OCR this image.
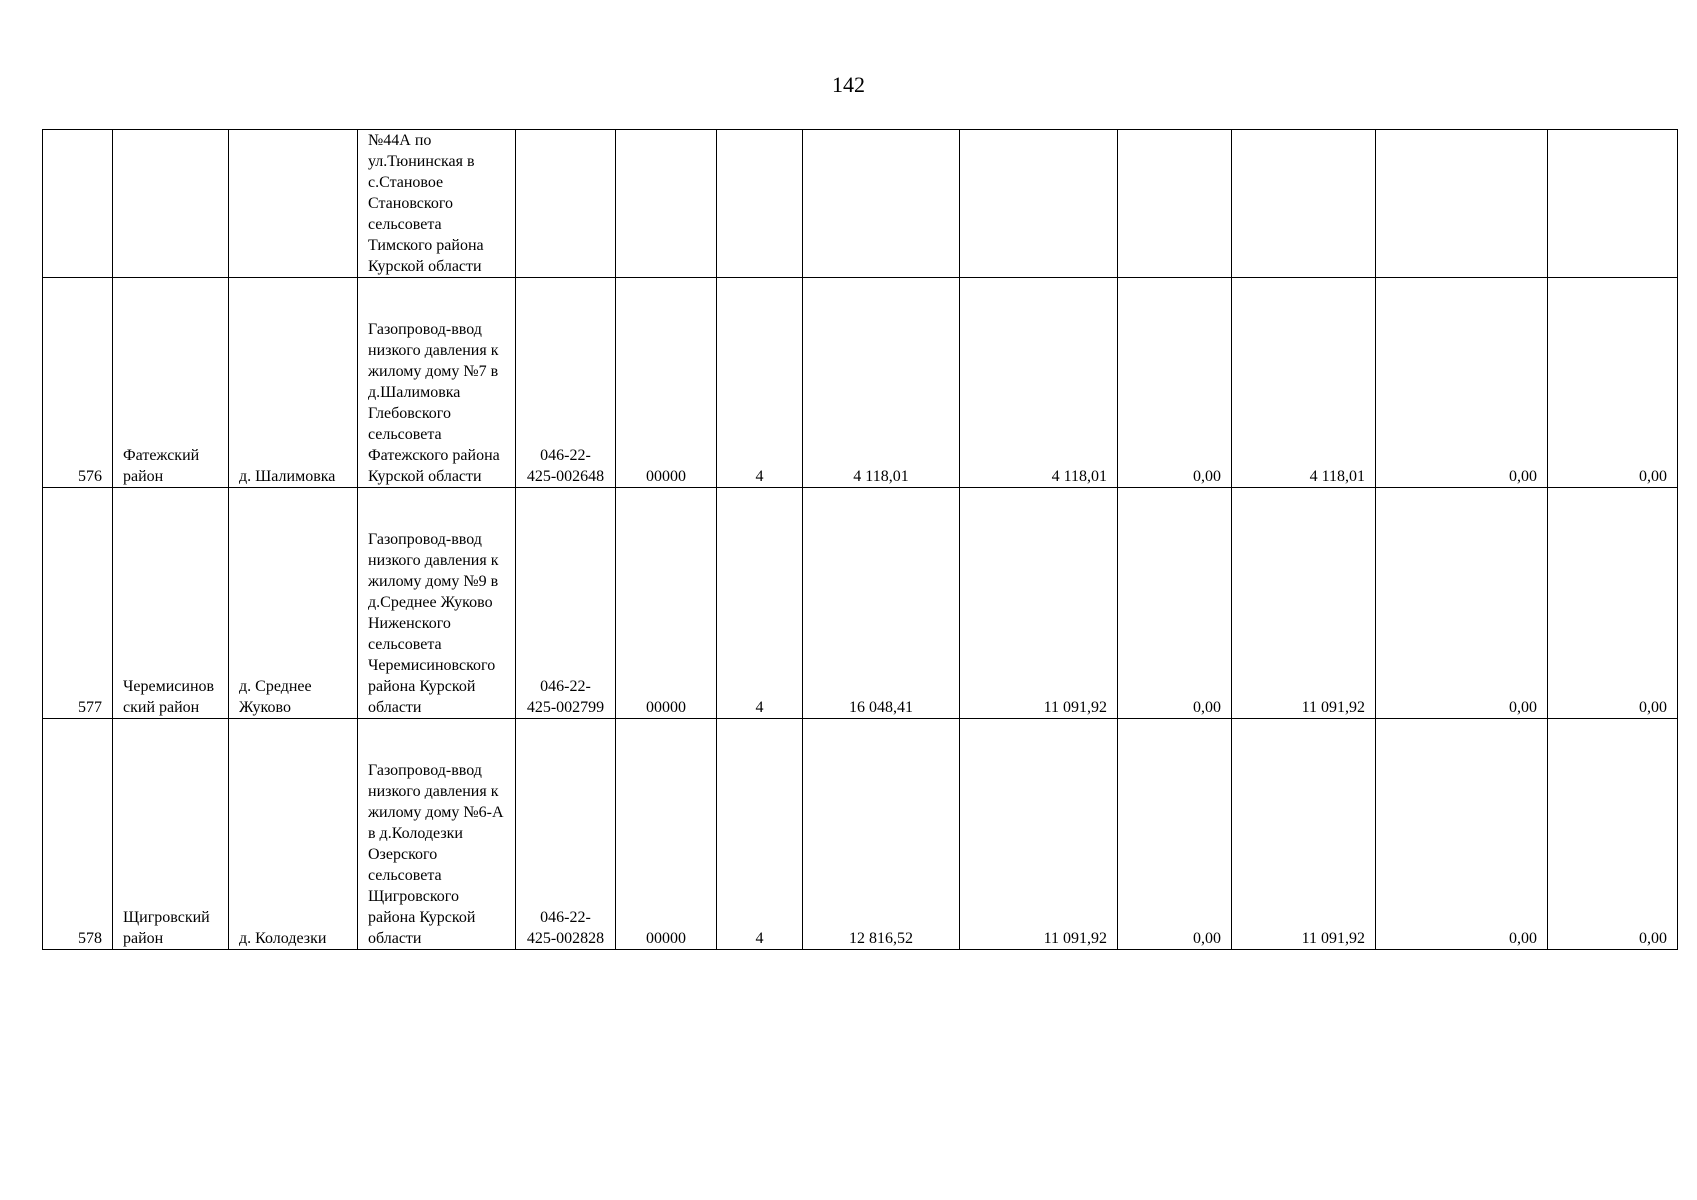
142
			№44А по ул.Тюнинская в с.Становое Становского сельсовета Тимского района Курской области									
576	Фатежский район	д. Шалимовка	Газопровод-ввод низкого давления к жилому дому №7 в д.Шалимовка Глебовского сельсовета Фатежского района Курской области	046-22-425-002648	00000	4	4 118,01	4 118,01	0,00	4 118,01	0,00	0,00
577	Черемисиновский район	д. Среднее Жуково	Газопровод-ввод низкого давления к жилому дому №9 в д.Среднее Жуково Ниженского сельсовета Черемисиновского района Курской области	046-22-425-002799	00000	4	16 048,41	11 091,92	0,00	11 091,92	0,00	0,00
578	Щигровский район	д. Колодезки	Газопровод-ввод низкого давления к жилому дому №6-А в д.Колодезки Озерского сельсовета Щигровского района Курской области	046-22-425-002828	00000	4	12 816,52	11 091,92	0,00	11 091,92	0,00	0,00
